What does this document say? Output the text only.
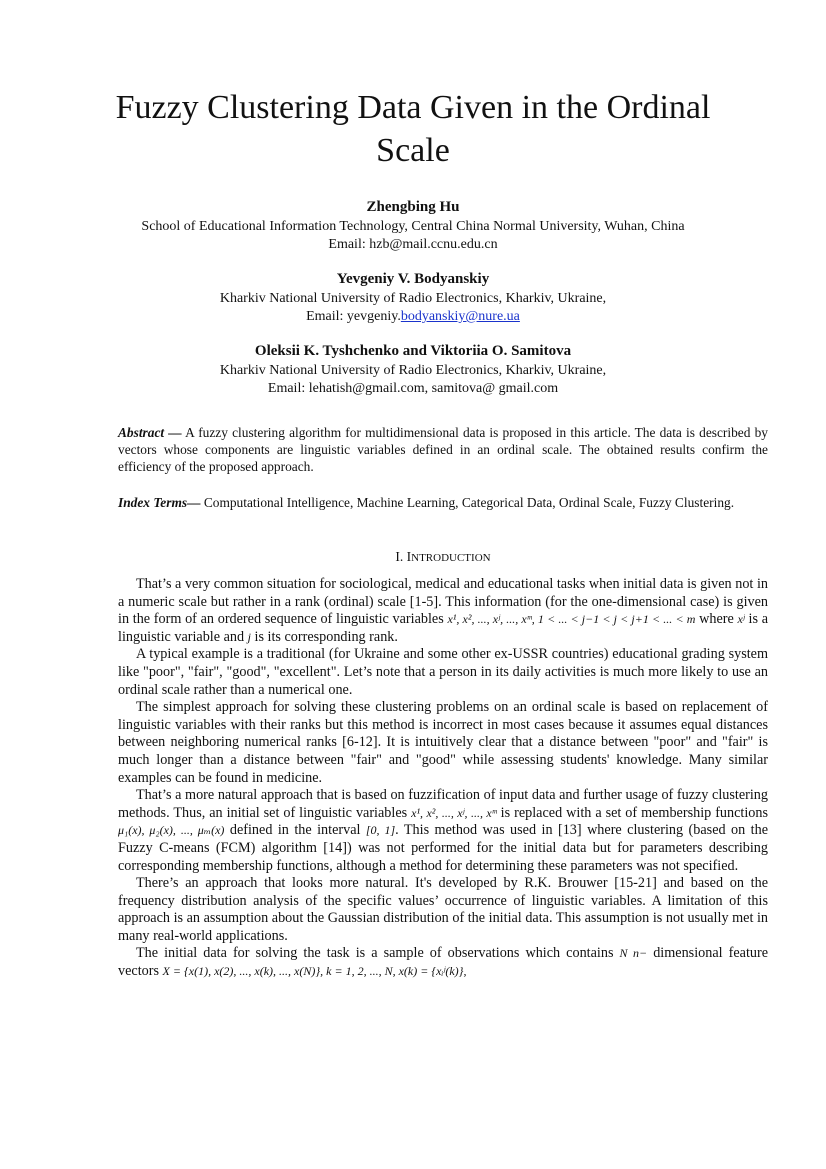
Fuzzy Clustering Data Given in the Ordinal Scale
Zhengbing Hu
School of Educational Information Technology, Central China Normal University, Wuhan, China
Email: hzb@mail.ccnu.edu.cn
Yevgeniy V. Bodyanskiy
Kharkiv National University of Radio Electronics, Kharkiv, Ukraine,
Email: yevgeniy.bodyanskiy@nure.ua
Oleksii K. Tyshchenko and Viktoriia O. Samitova
Kharkiv National University of Radio Electronics, Kharkiv, Ukraine,
Email: lehatish@gmail.com, samitova@ gmail.com
Abstract — A fuzzy clustering algorithm for multidimensional data is proposed in this article. The data is described by vectors whose components are linguistic variables defined in an ordinal scale. The obtained results confirm the efficiency of the proposed approach.
Index Terms— Computational Intelligence, Machine Learning, Categorical Data, Ordinal Scale, Fuzzy Clustering.
I. INTRODUCTION

That’s a very common situation for sociological, medical and educational tasks when initial data is given not in a numeric scale but rather in a rank (ordinal) scale [1-5]. This information (for the one-dimensional case) is given in the form of an ordered sequence of linguistic variables x¹, x², ..., xʲ, ..., xᵐ, 1 < ... < j−1 < j < j+1 < ... < m where xʲ is a linguistic variable and j is its corresponding rank.

A typical example is a traditional (for Ukraine and some other ex-USSR countries) educational grading system like "poor", "fair", "good", "excellent". Let’s note that a person in its daily activities is much more likely to use an ordinal scale rather than a numerical one.

The simplest approach for solving these clustering problems on an ordinal scale is based on replacement of linguistic variables with their ranks but this method is incorrect in most cases because it assumes equal distances between neighboring numerical ranks [6-12]. It is intuitively clear that a distance between "poor" and "fair" is much longer than a distance between "fair" and "good" while assessing students' knowledge. Many similar examples can be found in medicine.

That’s a more natural approach that is based on fuzzification of input data and further usage of fuzzy clustering methods. Thus, an initial set of linguistic variables x¹, x², ..., xʲ, ..., xᵐ is replaced with a set of membership functions μ₁(x), μ₂(x), ..., μₘ(x) defined in the interval [0, 1]. This method was used in [13] where clustering (based on the Fuzzy C-means (FCM) algorithm [14]) was not performed for the initial data but for parameters describing corresponding membership functions, although a method for determining these parameters was not specified.

There’s an approach that looks more natural. It's developed by R.K. Brouwer [15-21] and based on the frequency distribution analysis of the specific values’ occurrence of linguistic variables. A limitation of this approach is an assumption about the Gaussian distribution of the initial data. This assumption is not usually met in many real-world applications.

The initial data for solving the task is a sample of observations which contains N n− dimensional feature vectors X = {x(1), x(2), ..., x(k), ..., x(N)}, k = 1, 2, ..., N, x(k) = {xᵢʲ(k)},
